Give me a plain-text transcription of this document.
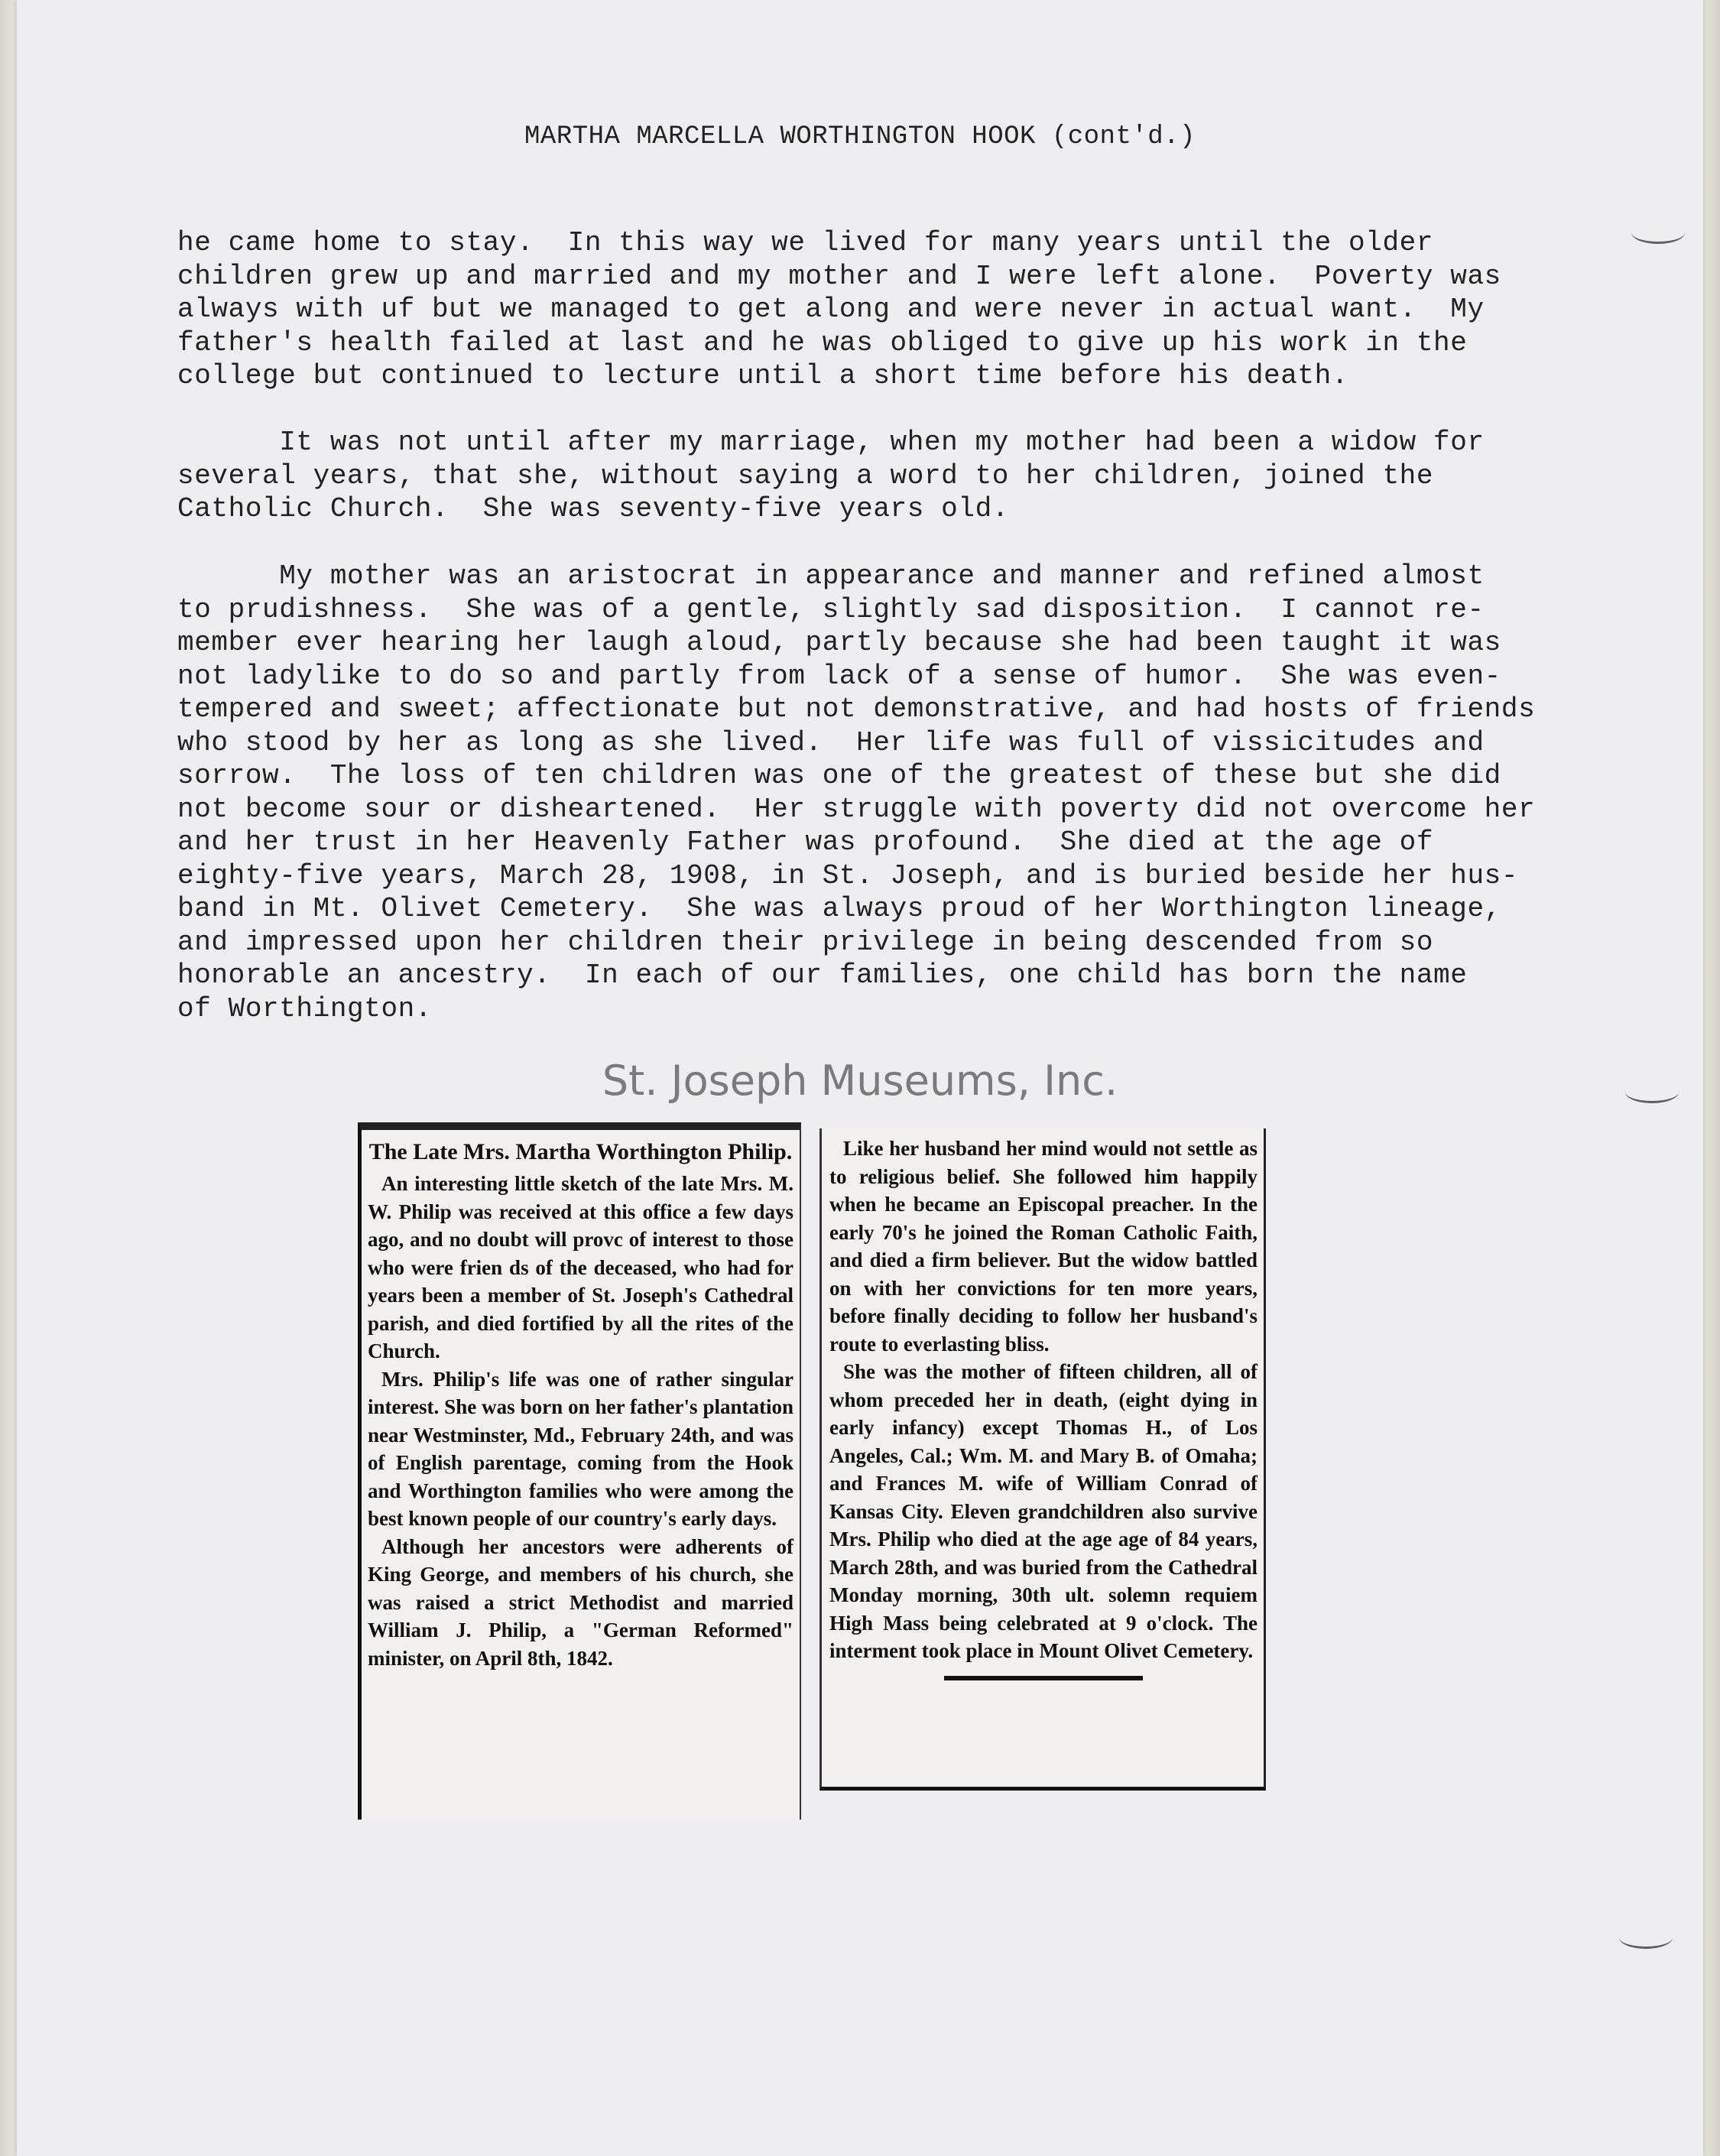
MARTHA MARCELLA WORTHINGTON HOOK (cont'd.)

he came home to stay.  In this way we lived for many years until the older
children grew up and married and my mother and I were left alone.  Poverty was
always with uf but we managed to get along and were never in actual want.  My
father's health failed at last and he was obliged to give up his work in the
college but continued to lecture until a short time before his death.

It was not until after my marriage, when my mother had been a widow for
several years, that she, without saying a word to her children, joined the
Catholic Church.  She was seventy-five years old.

My mother was an aristocrat in appearance and manner and refined almost
to prudishness.  She was of a gentle, slightly sad disposition.  I cannot re-
member ever hearing her laugh aloud, partly because she had been taught it was
not ladylike to do so and partly from lack of a sense of humor.  She was even-
tempered and sweet; affectionate but not demonstrative, and had hosts of friends
who stood by her as long as she lived.  Her life was full of vissicitudes and
sorrow.  The loss of ten children was one of the greatest of these but she did
not become sour or disheartened.  Her struggle with poverty did not overcome her
and her trust in her Heavenly Father was profound.  She died at the age of
eighty-five years, March 28, 1908, in St. Joseph, and is buried beside her hus-
band in Mt. Olivet Cemetery.  She was always proud of her Worthington lineage,
and impressed upon her children their privilege in being descended from so
honorable an ancestry.  In each of our families, one child has born the name
of Worthington.

St. Joseph Museums, Inc.
The Late Mrs. Martha Worthington Philip.

An interesting little sketch of the late Mrs. M. W. Philip was received at this office a few days ago, and no doubt will provc of interest to those who were frien ds of the deceased, who had for years been a member of St. Joseph's Cathedral parish, and died fortified by all the rites of the Church.

Mrs. Philip's life was one of rather singular interest. She was born on her father's plantation near Westminster, Md., February 24th, and was of English parentage, coming from the Hook and Worthington families who were among the best known people of our country's early days.

Although her ancestors were adherents of King George, and members of his church, she was raised a strict Methodist and married William J. Philip, a "German Reformed" minister, on April 8th, 1842.

Like her husband her mind would not settle as to religious belief. She followed him happily when he became an Episcopal preacher. In the early 70's he joined the Roman Catholic Faith, and died a firm believer. But the widow battled on with her convictions for ten more years, before finally deciding to follow her husband's route to everlasting bliss.

She was the mother of fifteen children, all of whom preceded her in death, (eight dying in early infancy) except Thomas H., of Los Angeles, Cal.; Wm. M. and Mary B. of Omaha; and Frances M. wife of William Conrad of Kansas City. Eleven grandchildren also survive Mrs. Philip who died at the age age of 84 years, March 28th, and was buried from the Cathedral Monday morning, 30th ult. solemn requiem High Mass being celebrated at 9 o'clock. The interment took place in Mount Olivet Cemetery.
